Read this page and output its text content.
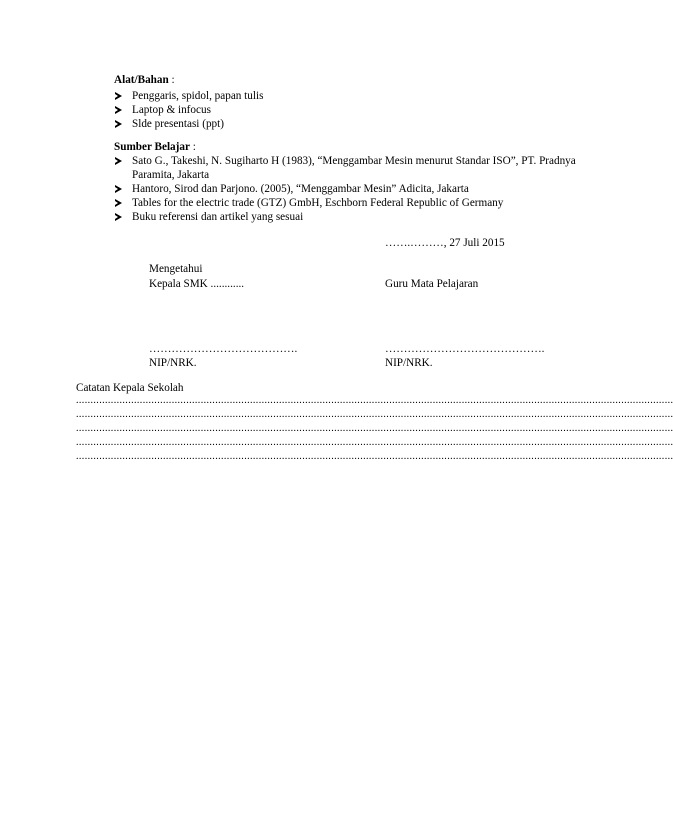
Alat/Bahan :
Penggaris, spidol, papan tulis
Laptop & infocus
Slde presentasi (ppt)
Sumber Belajar :
Sato G., Takeshi, N. Sugiharto H (1983), “Menggambar Mesin menurut Standar ISO”, PT. Pradnya Paramita, Jakarta
Hantoro, Sirod dan Parjono. (2005), “Menggambar Mesin” Adicita, Jakarta
Tables for the electric trade (GTZ) GmbH, Eschborn Federal Republic of Germany
Buku referensi dan artikel yang sesuai
…….………, 27 Juli 2015
Mengetahui
Kepala SMK ............	Guru Mata Pelajaran
………………………………….	…………………………………….
NIP/NRK.	NIP/NRK.
Catatan Kepala Sekolah
..............................................................................................................................................................................................................
..............................................................................................................................................................................................................
..............................................................................................................................................................................................................
..............................................................................................................................................................................................................
..............................................................................................................................................................................................................
